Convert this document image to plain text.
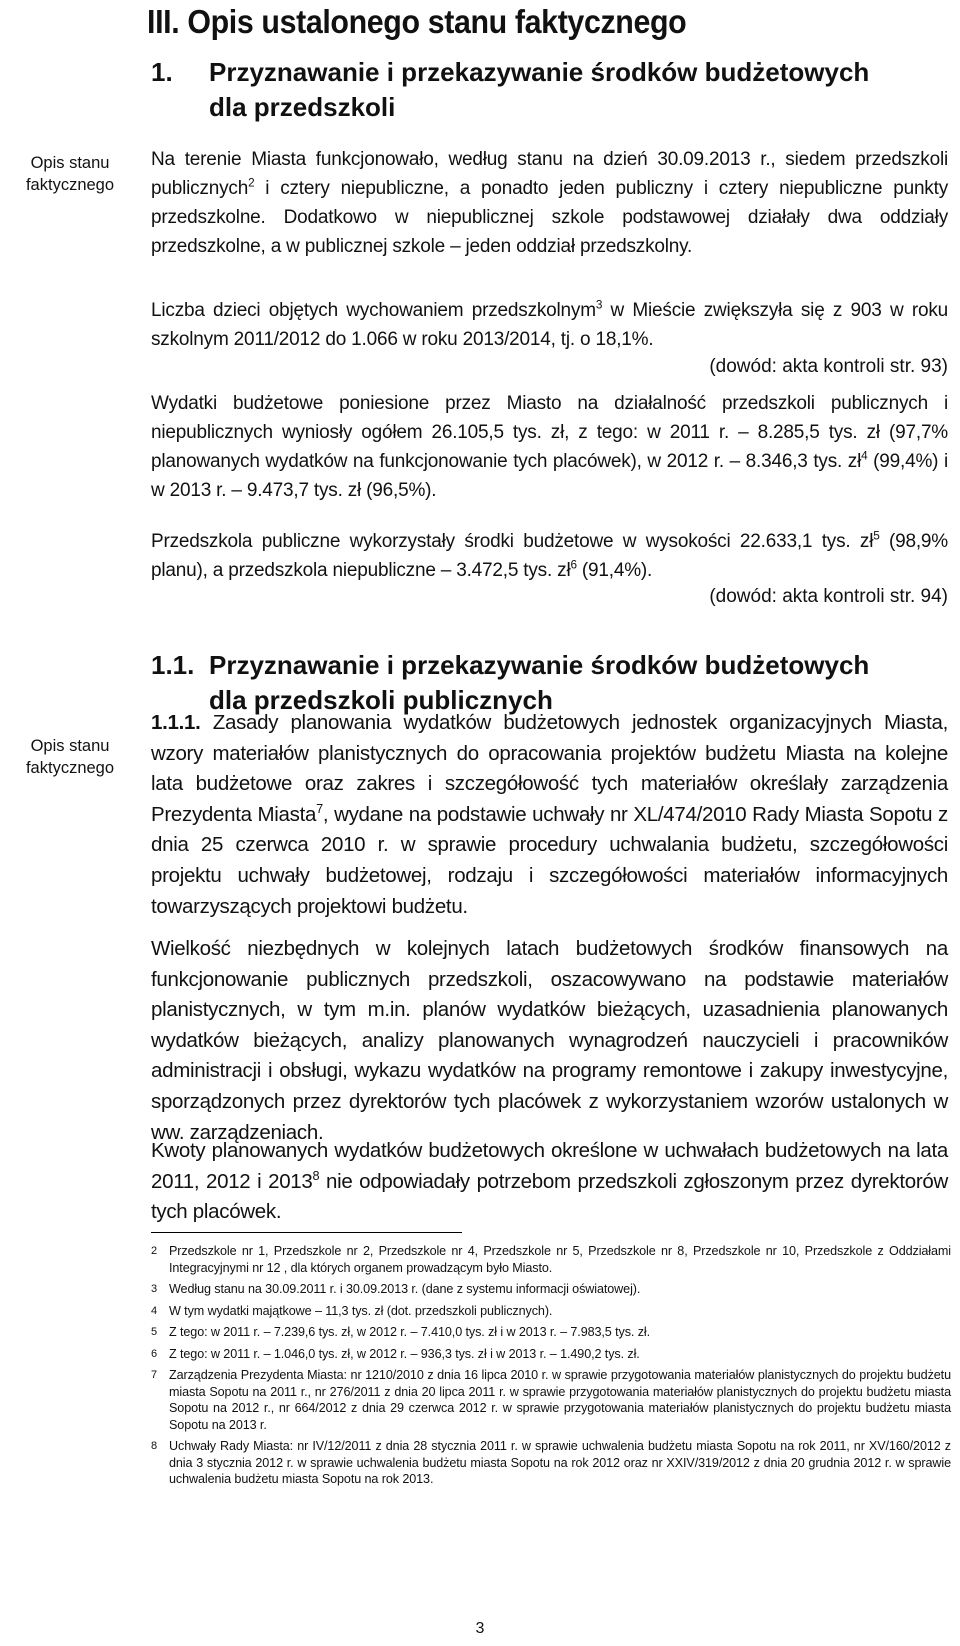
III. Opis ustalonego stanu faktycznego
1. Przyznawanie i przekazywanie środków budżetowych
dla przedszkoli
Opis stanu
faktycznego
Na terenie Miasta funkcjonowało, według stanu na dzień 30.09.2013 r., siedem przedszkoli publicznych$^2$ i cztery niepubliczne, a ponadto jeden publiczny i cztery niepubliczne punkty przedszkolne. Dodatkowo w niepublicznej szkole podstawowej działały dwa oddziały przedszkolne, a w publicznej szkole – jeden oddział przedszkolny.
Liczba dzieci objętych wychowaniem przedszkolnym$^3$ w Mieście zwiększyła się z 903 w roku szkolnym 2011/2012 do 1.066 w roku 2013/2014, tj. o 18,1%.
(dowód: akta kontroli str. 93)
Wydatki budżetowe poniesione przez Miasto na działalność przedszkoli publicznych i niepublicznych wyniosły ogółem 26.105,5 tys. zł, z tego: w 2011 r. – 8.285,5 tys. zł (97,7% planowanych wydatków na funkcjonowanie tych placówek), w 2012 r. – 8.346,3 tys. $zł^4$ (99,4%) i w 2013 r. – 9.473,7 tys. zł (96,5%).
Przedszkola publiczne wykorzystały środki budżetowe w wysokości 22.633,1 tys. $zł^5$ (98,9% planu), a przedszkola niepubliczne – 3.472,5 tys. $zł^6$ (91,4%).
(dowód: akta kontroli str. 94)
1.1. Przyznawanie i przekazywanie środków budżetowych
dla przedszkoli publicznych
Opis stanu
faktycznego
1.1.1. Zasady planowania wydatków budżetowych jednostek organizacyjnych Miasta, wzory materiałów planistycznych do opracowania projektów budżetu Miasta na kolejne lata budżetowe oraz zakres i szczegółowość tych materiałów określały zarządzenia Prezydenta Miasta$^7$, wydane na podstawie uchwały nr XL/474/2010 Rady Miasta Sopotu z dnia 25 czerwca 2010 r. w sprawie procedury uchwalania budżetu, szczegółowości projektu uchwały budżetowej, rodzaju i szczegółowości materiałów informacyjnych towarzyszących projektowi budżetu.
Wielkość niezbędnych w kolejnych latach budżetowych środków finansowych na funkcjonowanie publicznych przedszkoli, oszacowywano na podstawie materiałów planistycznych, w tym m.in. planów wydatków bieżących, uzasadnienia planowanych wydatków bieżących, analizy planowanych wynagrodzeń nauczycieli i pracowników administracji i obsługi, wykazu wydatków na programy remontowe i zakupy inwestycyjne, sporządzonych przez dyrektorów tych placówek z wykorzystaniem wzorów ustalonych w ww. zarządzeniach.
Kwoty planowanych wydatków budżetowych określone w uchwałach budżetowych na lata 2011, 2012 i 2013$^8$ nie odpowiadały potrzebom przedszkoli zgłoszonym przez dyrektorów tych placówek.
2 Przedszkole nr 1, Przedszkole nr 2, Przedszkole nr 4, Przedszkole nr 5, Przedszkole nr 8, Przedszkole nr 10, Przedszkole z Oddziałami Integracyjnymi nr 12 , dla których organem prowadzącym było Miasto.
3 Według stanu na 30.09.2011 r. i 30.09.2013 r. (dane z systemu informacji oświatowej).
4 W tym wydatki majątkowe – 11,3 tys. zł (dot. przedszkoli publicznych).
5 Z tego: w 2011 r. – 7.239,6 tys. zł, w 2012 r. – 7.410,0 tys. zł i w 2013 r. – 7.983,5 tys. zł.
6 Z tego: w 2011 r. – 1.046,0 tys. zł, w 2012 r. – 936,3 tys. zł i w 2013 r. – 1.490,2 tys. zł.
7 Zarządzenia Prezydenta Miasta: nr 1210/2010 z dnia 16 lipca 2010 r. w sprawie przygotowania materiałów planistycznych do projektu budżetu miasta Sopotu na 2011 r., nr 276/2011 z dnia 20 lipca 2011 r. w sprawie przygotowania materiałów planistycznych do projektu budżetu miasta Sopotu na 2012 r., nr 664/2012 z dnia 29 czerwca 2012 r. w sprawie przygotowania materiałów planistycznych do projektu budżetu miasta Sopotu na 2013 r.
8 Uchwały Rady Miasta: nr IV/12/2011 z dnia 28 stycznia 2011 r. w sprawie uchwalenia budżetu miasta Sopotu na rok 2011, nr XV/160/2012 z dnia 3 stycznia 2012 r. w sprawie uchwalenia budżetu miasta Sopotu na rok 2012 oraz nr XXIV/319/2012 z dnia 20 grudnia 2012 r. w sprawie uchwalenia budżetu miasta Sopotu na rok 2013.
3
